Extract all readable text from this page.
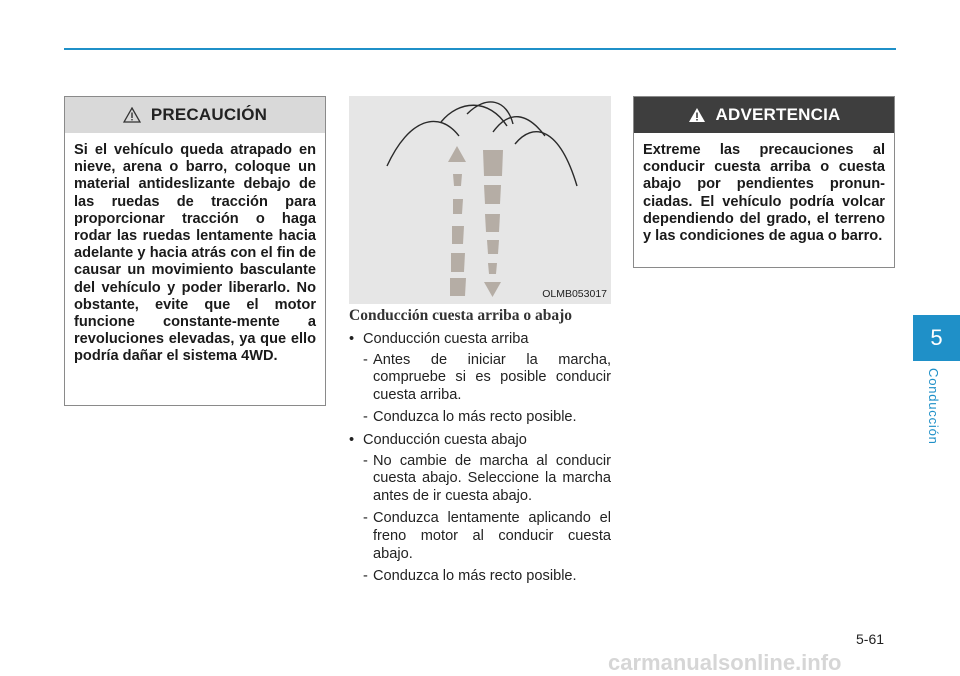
PRECAUCIÓN
Si el vehículo queda atrapado en nieve, arena o barro, coloque un material antideslizante debajo de las ruedas de tracción para proporcionar tracción o haga rodar las ruedas lentamente hacia adelante y hacia atrás con el fin de causar un movimiento basculante del vehículo y poder liberarlo. No obstante, evite que el motor funcione constante-mente a revoluciones elevadas, ya que ello podría dañar el sistema 4WD.
OLMB053017
Conducción cuesta arriba o abajo
• Conducción cuesta arriba
- Antes de iniciar la marcha, compruebe si es posible conducir cuesta arriba.
- Conduzca lo más recto posible.
• Conducción cuesta abajo
- No cambie de marcha al conducir cuesta abajo. Seleccione la marcha antes de ir cuesta abajo.
- Conduzca lentamente aplicando el freno motor al conducir cuesta abajo.
- Conduzca lo más recto posible.
ADVERTENCIA
Extreme las precauciones al conducir cuesta arriba o cuesta abajo por pendientes pronun-ciadas. El vehículo podría volcar dependiendo del grado, el terreno y las condiciones de agua o barro.
5
Conducción
5-61
carmanualsonline.info
